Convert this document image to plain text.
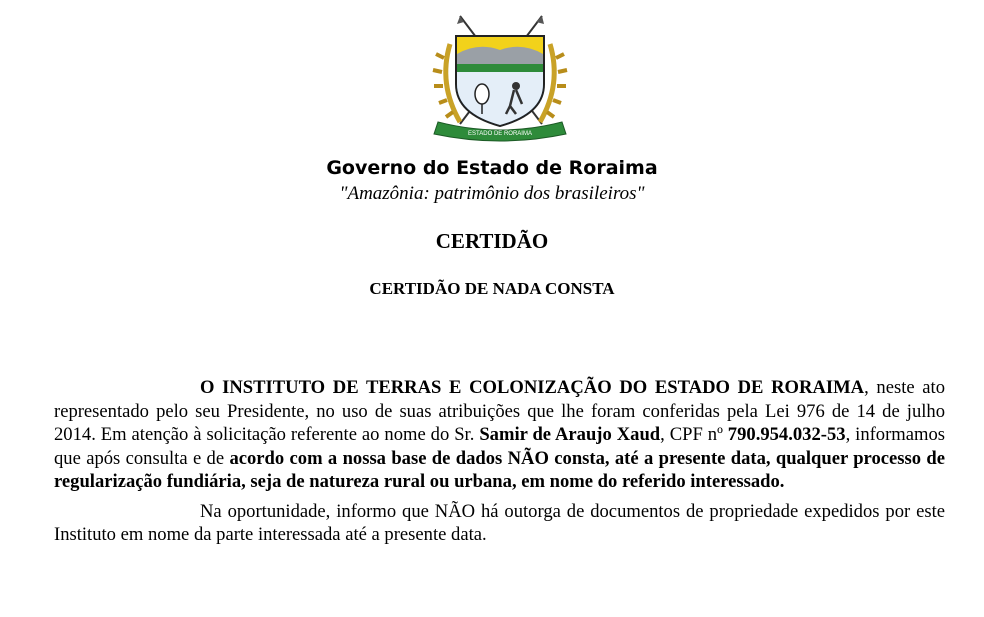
ESTADO DE RORAIMA
Governo do Estado de Roraima
"Amazônia: patrimônio dos brasileiros"
CERTIDÃO
CERTIDÃO DE NADA CONSTA

O INSTITUTO DE TERRAS E COLONIZAÇÃO DO ESTADO DE RORAIMA, neste ato representado pelo seu Presidente, no uso de suas atribuições que lhe foram conferidas pela Lei 976 de 14 de julho 2014. Em atenção à solicitação referente ao nome do Sr. Samir de Araujo Xaud, CPF nº 790.954.032-53, informamos que após consulta e de acordo com a nossa base de dados NÃO consta, até a presente data, qualquer processo de regularização fundiária, seja de natureza rural ou urbana, em nome do referido interessado.

Na oportunidade, informo que NÃO há outorga de documentos de propriedade expedidos por este Instituto em nome da parte interessada até a presente data.
